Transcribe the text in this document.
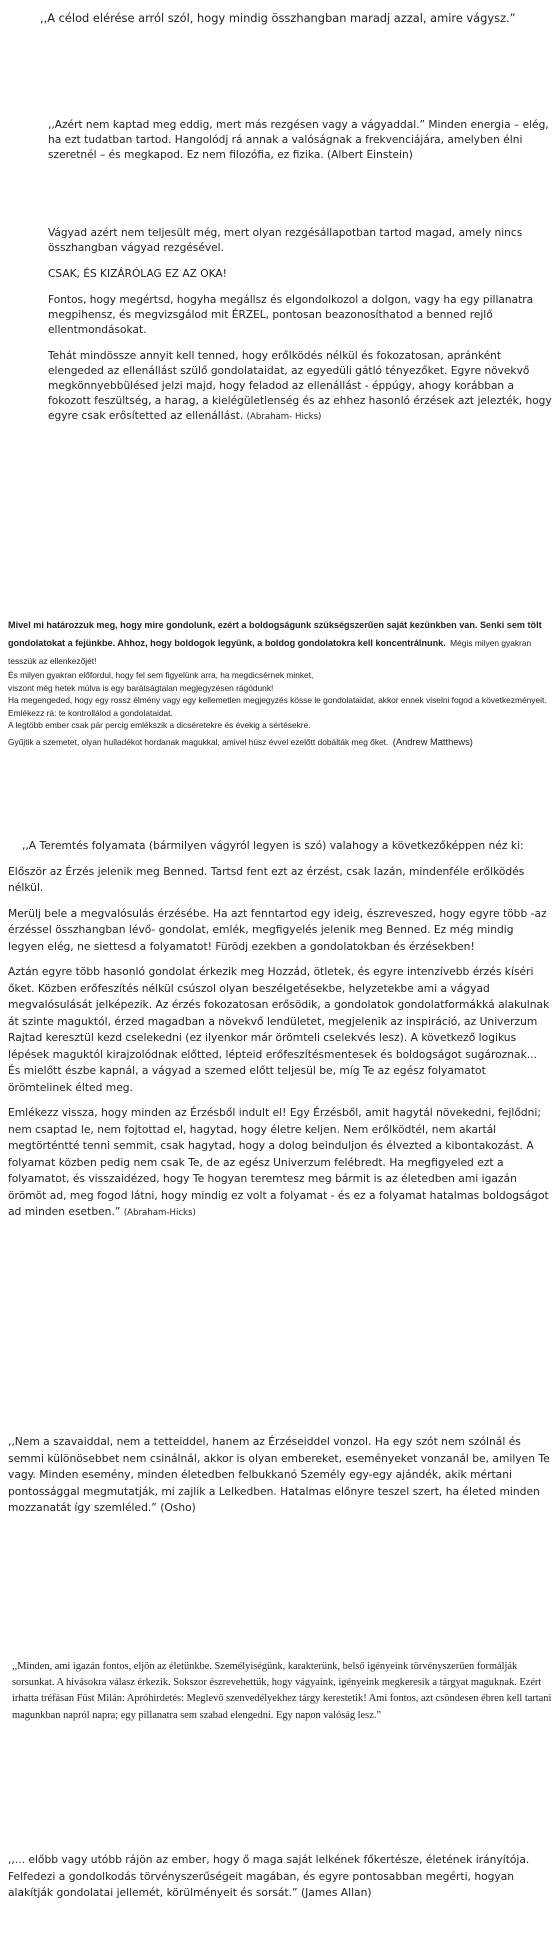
,,A célod elérése arról szól, hogy mindig összhangban maradj azzal, amire vágysz.”

,,Azért nem kaptad meg eddig, mert más rezgésen vagy a vágyaddal.” Minden energia – elég, ha ezt tudatban tartod. Hangolódj rá annak a valóságnak a frekvenciájára, amelyben élni szeretnél – és megkapod. Ez nem filozófia, ez fizika. (Albert Einstein)

Vágyad azért nem teljesült még, mert olyan rezgésállapotban tartod magad, amely nincs összhangban vágyad rezgésével.

CSAK, ÉS KIZÁRÓLAG EZ AZ OKA!

Fontos, hogy megértsd, hogyha megállsz és elgondolkozol a dolgon, vagy ha egy pillanatra megpihensz, és megvizsgálod mit ÉRZEL, pontosan beazonosíthatod a benned rejlő ellentmondásokat.

Tehát mindössze annyit kell tenned, hogy erőlködés nélkül és fokozatosan, apránként elengeded az ellenállást szülő gondolataidat, az egyedüli gátló tényezőket. Egyre növekvő megkönnyebbülésed jelzi majd, hogy feladod az ellenállást - éppúgy, ahogy korábban a fokozott feszültség, a harag, a kielégületlenség és az ehhez hasonló érzések azt jelezték, hogy egyre csak erősítetted az ellenállást. (Abraham- Hicks)

Mivel mi határozzuk meg, hogy mire gondolunk, ezért a boldogságunk szükségszerűen saját kezünkben van. Senki sem tölt gondolatokat a fejünkbe. Ahhoz, hogy boldogok legyünk, a boldog gondolatokra kell koncentrálnunk. Mégis milyen gyakran tesszük az ellenkezőjét!

És milyen gyakran előfordul, hogy fel sem figyelünk arra, ha megdicsérnek minket,

viszont még hetek múlva is egy barátságtalan megjegyzésen rágódunk!

Ha megengeded, hogy egy rossz élmény vagy egy kellemetlen megjegyzés kösse le gondolataidat, akkor ennek viselni fogod a következményeit. Emlékezz rá: te kontrollálod a gondolataidat.

A legtöbb ember csak pár percig emlékszik a dicséretekre és évekig a sértésekre.

Gyűjtik a szemetet, olyan hulladékot hordanak magukkal, amivel húsz évvel ezelőtt dobálták meg őket. (Andrew Matthews)

,,A Teremtés folyamata (bármilyen vágyról legyen is szó) valahogy a következőképpen néz ki:

Először az Érzés jelenik meg Benned. Tartsd fent ezt az érzést, csak lazán, mindenféle erőlködés nélkül.

Merülj bele a megvalósulás érzésébe. Ha azt fenntartod egy ideig, észreveszed, hogy egyre több -az érzéssel összhangban lévő- gondolat, emlék, megfigyelés jelenik meg Benned. Ez még mindig legyen elég, ne siettesd a folyamatot! Fürödj ezekben a gondolatokban és érzésekben!

Aztán egyre több hasonló gondolat érkezik meg Hozzád, ötletek, és egyre intenzívebb érzés kíséri őket. Közben erőfeszítés nélkül csúszol olyan beszélgetésekbe, helyzetekbe ami a vágyad megvalósulását jelképezik. Az érzés fokozatosan erősödik, a gondolatok gondolatformákká alakulnak át szinte maguktól, érzed magadban a növekvő lendületet, megjelenik az inspiráció, az Univerzum Rajtad keresztül kezd cselekedni (ez ilyenkor már örömteli cselekvés lesz). A következő logikus lépések maguktól kirajzolódnak előtted, lépteid erőfeszítésmentesek és boldogságot sugároznak... És mielőtt észbe kapnál, a vágyad a szemed előtt teljesül be, míg Te az egész folyamatot örömtelinek élted meg.

Emlékezz vissza, hogy minden az Érzésből indult el! Egy Érzésből, amit hagytál növekedni, fejlődni; nem csaptad le, nem fojtottad el, hagytad, hogy életre keljen. Nem erőlködtél, nem akartál megtörténtté tenni semmit, csak hagytad, hogy a dolog beinduljon és élvezted a kibontakozást. A folyamat közben pedig nem csak Te, de az egész Univerzum felébredt. Ha megfigyeled ezt a folyamatot, és visszaidézed, hogy Te hogyan teremtesz meg bármit is az életedben ami igazán örömöt ad, meg fogod látni, hogy mindig ez volt a folyamat - és ez a folyamat hatalmas boldogságot ad minden esetben.” (Abraham-Hicks)

,,Nem a szavaiddal, nem a tetteiddel, hanem az Érzéseiddel vonzol. Ha egy szót nem szólnál és semmi különösebbet nem csinálnál, akkor is olyan embereket, eseményeket vonzanál be, amilyen Te vagy. Minden esemény, minden életedben felbukkanó Személy egy-egy ajándék, akik mértani pontossággal megmutatják, mi zajlik a Lelkedben. Hatalmas előnyre teszel szert, ha életed minden mozzanatát így szemléled.” (Osho)

,,Minden, ami igazán fontos, eljön az életünkbe. Személyiségünk, karakterünk, belső igényeink törvényszerűen formálják sorsunkat. A hivásokra válasz érkezik. Sokszor észrevehettük, hogy vágyaink, igényeink megkeresik a tárgyat maguknak. Ezért irhatta tréfásan Füst Milán: Apróhirdetés: Meglevő szenvedélyekhez tárgy kerestetik! Ami fontos, azt csöndesen ébren kell tartani magunkban napról napra; egy pillanatra sem szabad elengedni. Egy napon valóság lesz.”

,,... előbb vagy utóbb rájön az ember, hogy ő maga saját lelkének főkertésze, életének irányítója. Felfedezi a gondolkodás törvényszerűségeit magában, és egyre pontosabban megérti, hogyan alakítják gondolatai jellemét, körülményeit és sorsát.” (James Allan)
